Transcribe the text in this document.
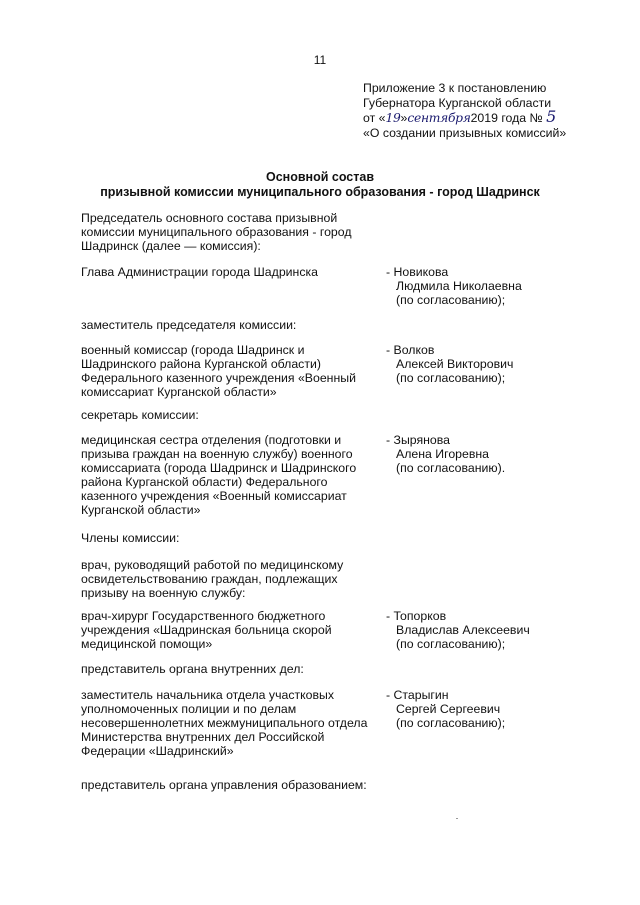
11
Приложение 3 к постановлению
Губернатора Курганской области
от «19»сентября2019 года № 5
«О создании призывных комиссий»
Основной состав
призывной комиссии муниципального образования - город Шадринск
Председатель основного состава призывной
комиссии муниципального образования - город
Шадринск (далее — комиссия):
Глава Администрации города Шадринска	- Новикова
Людмила Николаевна
(по согласованию);
заместитель председателя комиссии:
военный комиссар (города Шадринск и
Шадринского района Курганской области)
Федерального казенного учреждения «Военный
комиссариат Курганской области»
- Волков
Алексей Викторович
(по согласованию);
секретарь комиссии:
медицинская сестра отделения (подготовки и
призыва граждан на военную службу) военного
комиссариата (города Шадринск и Шадринского
района Курганской области) Федерального
казенного учреждения «Военный комиссариат
Курганской области»
- Зырянова
Алена Игоревна
(по согласованию).
Члены комиссии:
врач, руководящий работой по медицинскому
освидетельствованию граждан, подлежащих
призыву на военную службу:
врач-хирург Государственного бюджетного
учреждения «Шадринская больница скорой
медицинской помощи»
- Топорков
Владислав Алексеевич
(по согласованию);
представитель органа внутренних дел:
заместитель начальника отдела участковых
уполномоченных полиции и по делам
несовершеннолетних межмуниципального отдела
Министерства внутренних дел Российской
Федерации «Шадринский»
- Старыгин
Сергей Сергеевич
(по согласованию);
представитель органа управления образованием:
